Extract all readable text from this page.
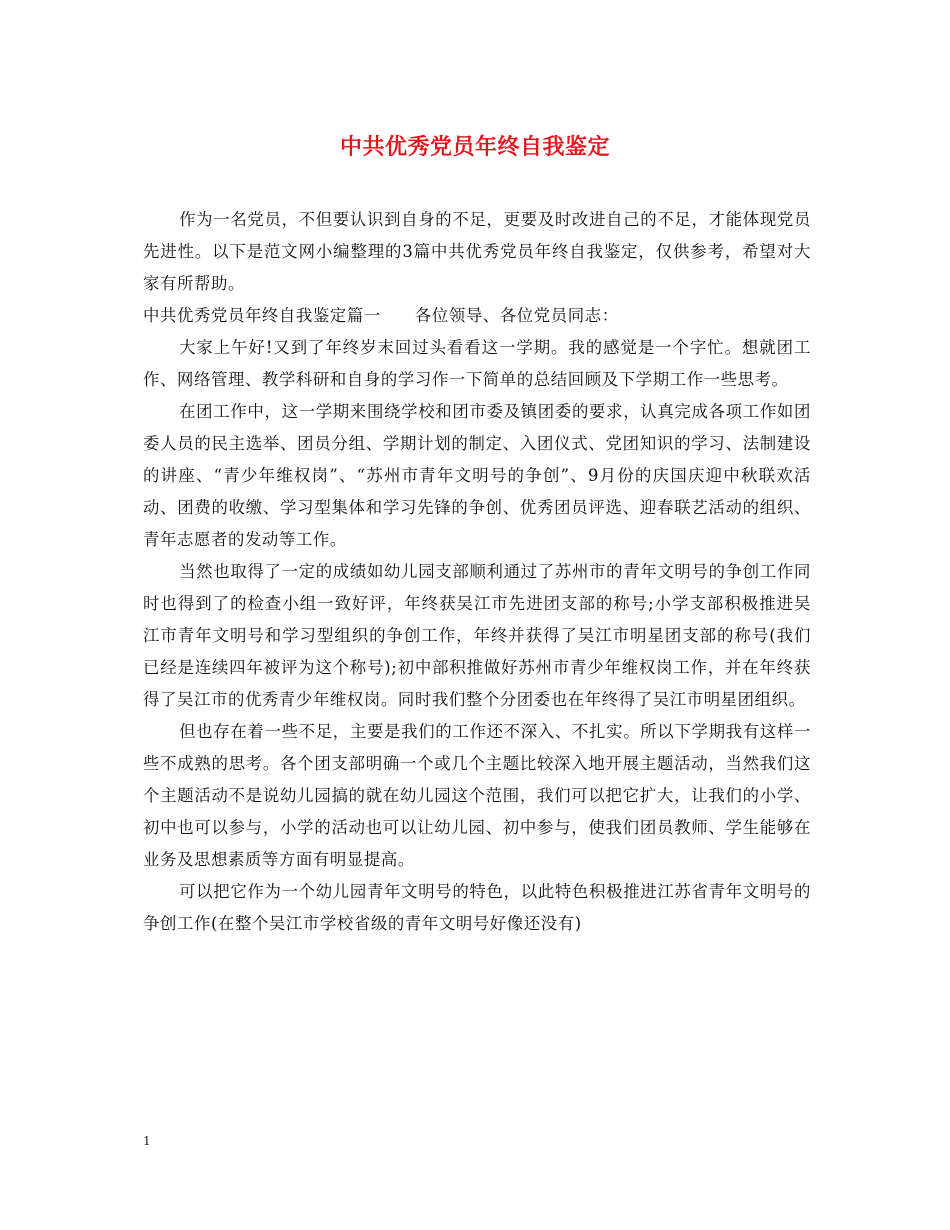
中共优秀党员年终自我鉴定

作为一名党员，不但要认识到自身的不足，更要及时改进自己的不足，才能体现党员先进性。以下是范文网小编整理的3篇中共优秀党员年终自我鉴定，仅供参考，希望对大家有所帮助。

中共优秀党员年终自我鉴定篇一　　各位领导、各位党员同志：

大家上午好!又到了年终岁末回过头看看这一学期。我的感觉是一个字忙。想就团工作、网络管理、教学科研和自身的学习作一下简单的总结回顾及下学期工作一些思考。

在团工作中，这一学期来围绕学校和团市委及镇团委的要求，认真完成各项工作如团委人员的民主选举、团员分组、学期计划的制定、入团仪式、党团知识的学习、法制建设的讲座、“青少年维权岗”、“苏州市青年文明号的争创”、9月份的庆国庆迎中秋联欢活动、团费的收缴、学习型集体和学习先锋的争创、优秀团员评选、迎春联艺活动的组织、青年志愿者的发动等工作。

当然也取得了一定的成绩如幼儿园支部顺利通过了苏州市的青年文明号的争创工作同时也得到了的检查小组一致好评，年终获吴江市先进团支部的称号;小学支部积极推进吴江市青年文明号和学习型组织的争创工作，年终并获得了吴江市明星团支部的称号(我们已经是连续四年被评为这个称号);初中部积推做好苏州市青少年维权岗工作，并在年终获得了吴江市的优秀青少年维权岗。同时我们整个分团委也在年终得了吴江市明星团组织。

但也存在着一些不足，主要是我们的工作还不深入、不扎实。所以下学期我有这样一些不成熟的思考。各个团支部明确一个或几个主题比较深入地开展主题活动，当然我们这个主题活动不是说幼儿园搞的就在幼儿园这个范围，我们可以把它扩大，让我们的小学、初中也可以参与，小学的活动也可以让幼儿园、初中参与，使我们团员教师、学生能够在业务及思想素质等方面有明显提高。

可以把它作为一个幼儿园青年文明号的特色，以此特色积极推进江苏省青年文明号的争创工作(在整个吴江市学校省级的青年文明号好像还没有)

1
